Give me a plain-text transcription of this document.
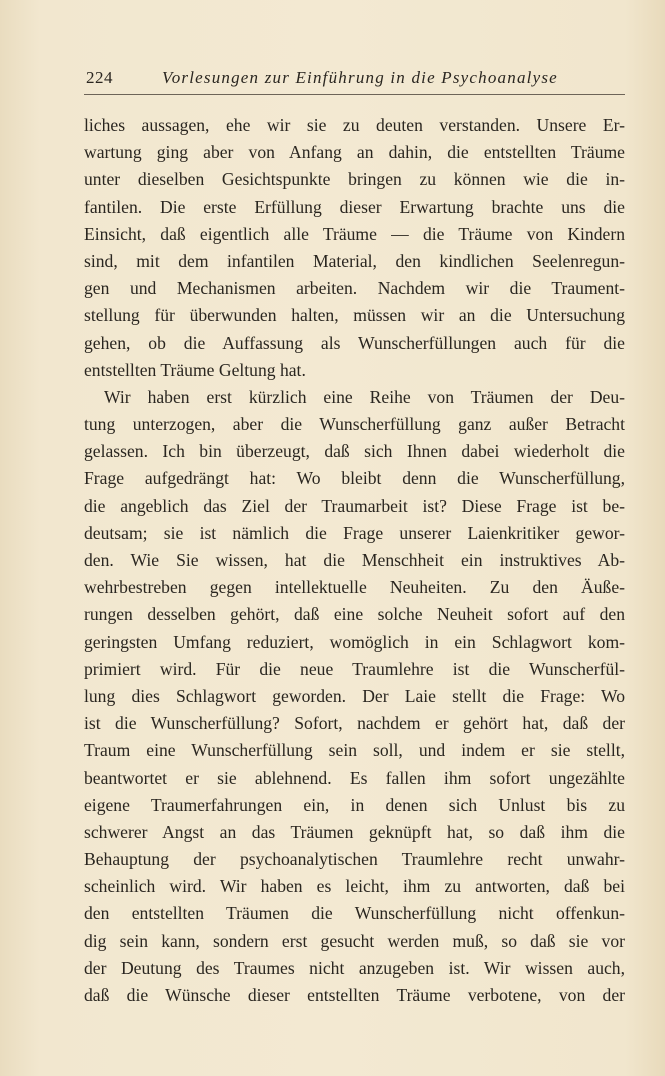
224	Vorlesungen zur Einführung in die Psychoanalyse
liches aussagen, ehe wir sie zu deuten verstanden. Unsere Er-
wartung ging aber von Anfang an dahin, die entstellten Träume
unter dieselben Gesichtspunkte bringen zu können wie die in-
fantilen. Die erste Erfüllung dieser Erwartung brachte uns die
Einsicht, daß eigentlich alle Träume — die Träume von Kindern
sind, mit dem infantilen Material, den kindlichen Seelenregun-
gen und Mechanismen arbeiten. Nachdem wir die Traument-
stellung für überwunden halten, müssen wir an die Untersuchung
gehen, ob die Auffassung als Wunscherfüllungen auch für die
entstellten Träume Geltung hat.
Wir haben erst kürzlich eine Reihe von Träumen der Deu-
tung unterzogen, aber die Wunscherfüllung ganz außer Betracht
gelassen. Ich bin überzeugt, daß sich Ihnen dabei wiederholt die
Frage aufgedrängt hat: Wo bleibt denn die Wunscherfüllung,
die angeblich das Ziel der Traumarbeit ist? Diese Frage ist be-
deutsam; sie ist nämlich die Frage unserer Laienkritiker gewor-
den. Wie Sie wissen, hat die Menschheit ein instruktives Ab-
wehrbestreben gegen intellektuelle Neuheiten. Zu den Äuße-
rungen desselben gehört, daß eine solche Neuheit sofort auf den
geringsten Umfang reduziert, womöglich in ein Schlagwort kom-
primiert wird. Für die neue Traumlehre ist die Wunscherfül-
lung dies Schlagwort geworden. Der Laie stellt die Frage: Wo
ist die Wunscherfüllung? Sofort, nachdem er gehört hat, daß der
Traum eine Wunscherfüllung sein soll, und indem er sie stellt,
beantwortet er sie ablehnend. Es fallen ihm sofort ungezählte
eigene Traumerfahrungen ein, in denen sich Unlust bis zu
schwerer Angst an das Träumen geknüpft hat, so daß ihm die
Behauptung der psychoanalytischen Traumlehre recht unwahr-
scheinlich wird. Wir haben es leicht, ihm zu antworten, daß bei
den entstellten Träumen die Wunscherfüllung nicht offenkun-
dig sein kann, sondern erst gesucht werden muß, so daß sie vor
der Deutung des Traumes nicht anzugeben ist. Wir wissen auch,
daß die Wünsche dieser entstellten Träume verbotene, von der
